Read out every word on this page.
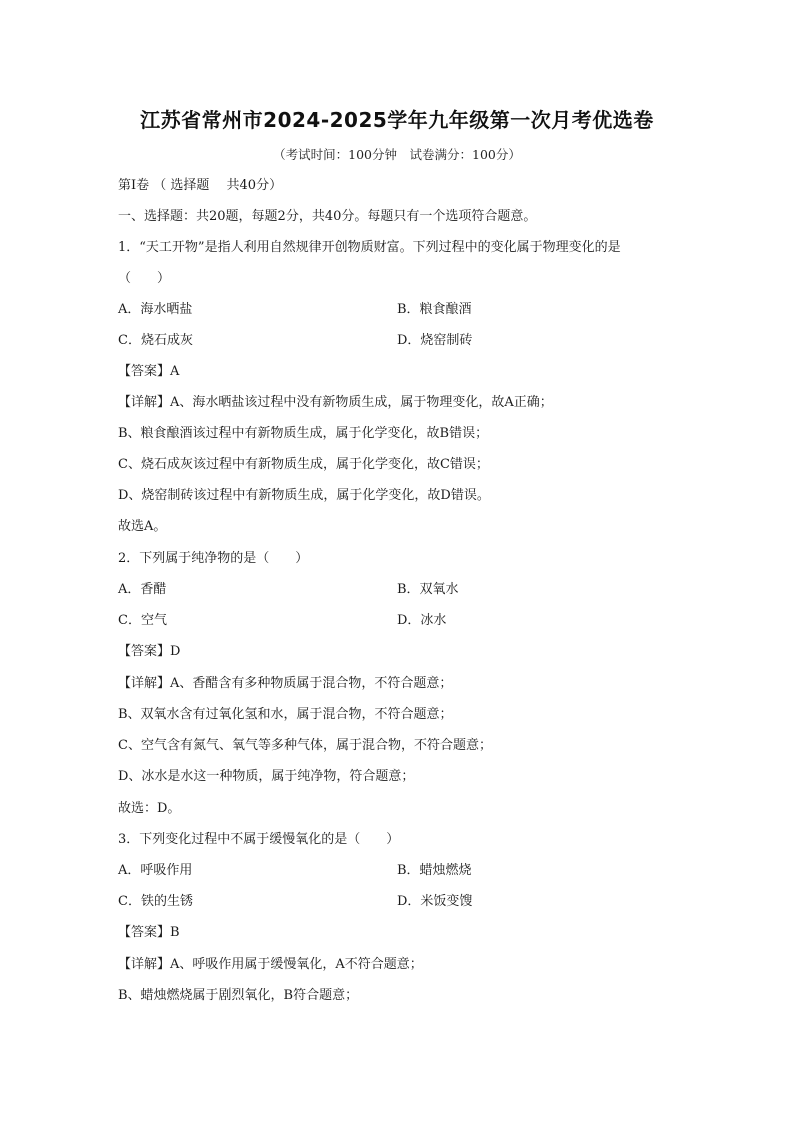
江苏省常州市2024-2025学年九年级第一次月考优选卷
（考试时间：100分钟　试卷满分：100分）
第Ⅰ卷 （ 选择题　 共40分）
一、选择题：共20题，每题2分，共40分。每题只有一个选项符合题意。
1．“天工开物”是指人利用自然规律开创物质财富。下列过程中的变化属于物理变化的是
（　　）
A．海水晒盐	B．粮食酿酒
C．烧石成灰	D．烧窑制砖
【答案】A
【详解】A、海水晒盐该过程中没有新物质生成，属于物理变化，故A正确；
B、粮食酿酒该过程中有新物质生成，属于化学变化，故B错误；
C、烧石成灰该过程中有新物质生成，属于化学变化，故C错误；
D、烧窑制砖该过程中有新物质生成，属于化学变化，故D错误。
故选A。
2．下列属于纯净物的是（　　）
A．香醋	B．双氧水
C．空气	D．冰水
【答案】D
【详解】A、香醋含有多种物质属于混合物，不符合题意；
B、双氧水含有过氧化氢和水，属于混合物，不符合题意；
C、空气含有氮气、氧气等多种气体，属于混合物，不符合题意；
D、冰水是水这一种物质，属于纯净物，符合题意；
故选：D。
3．下列变化过程中不属于缓慢氧化的是（　　）
A．呼吸作用	B．蜡烛燃烧
C．铁的生锈	D．米饭变馊
【答案】B
【详解】A、呼吸作用属于缓慢氧化，A不符合题意；
B、蜡烛燃烧属于剧烈氧化，B符合题意；
